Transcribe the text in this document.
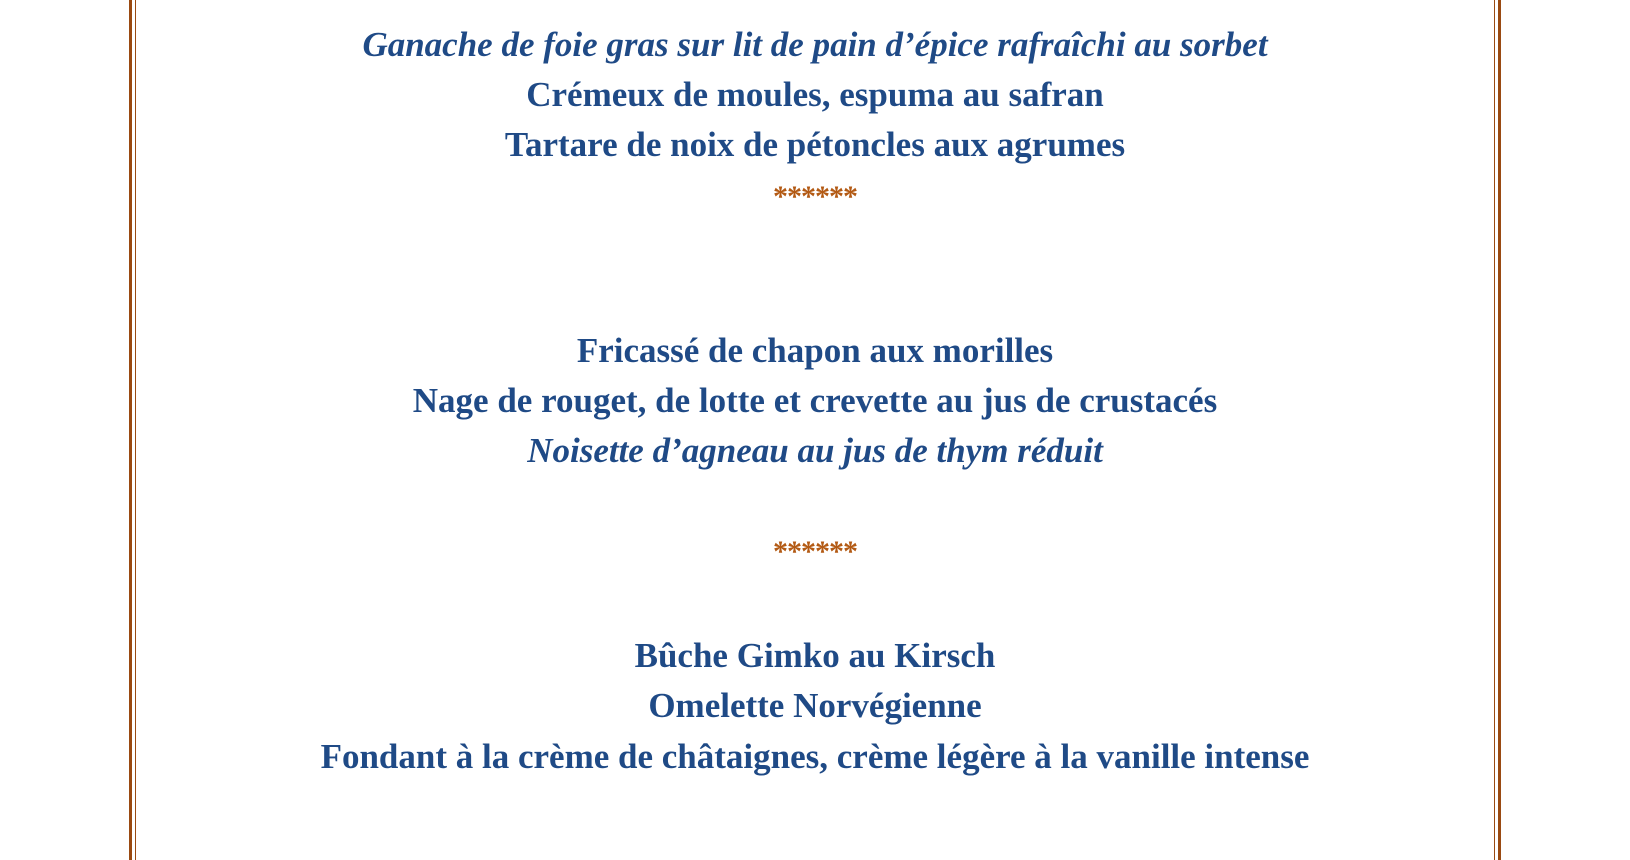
Ganache de foie gras sur lit de pain d’épice rafraîchi au sorbet
Crémeux de moules, espuma au safran
Tartare de noix de pétoncles aux agrumes
******
Fricassé de chapon aux morilles
Nage de rouget, de lotte et crevette au jus de crustacés
Noisette d’agneau au jus de thym réduit
******
Bûche Gimko au Kirsch
Omelette Norvégienne
Fondant à la crème de châtaignes, crème légère à la vanille intense
